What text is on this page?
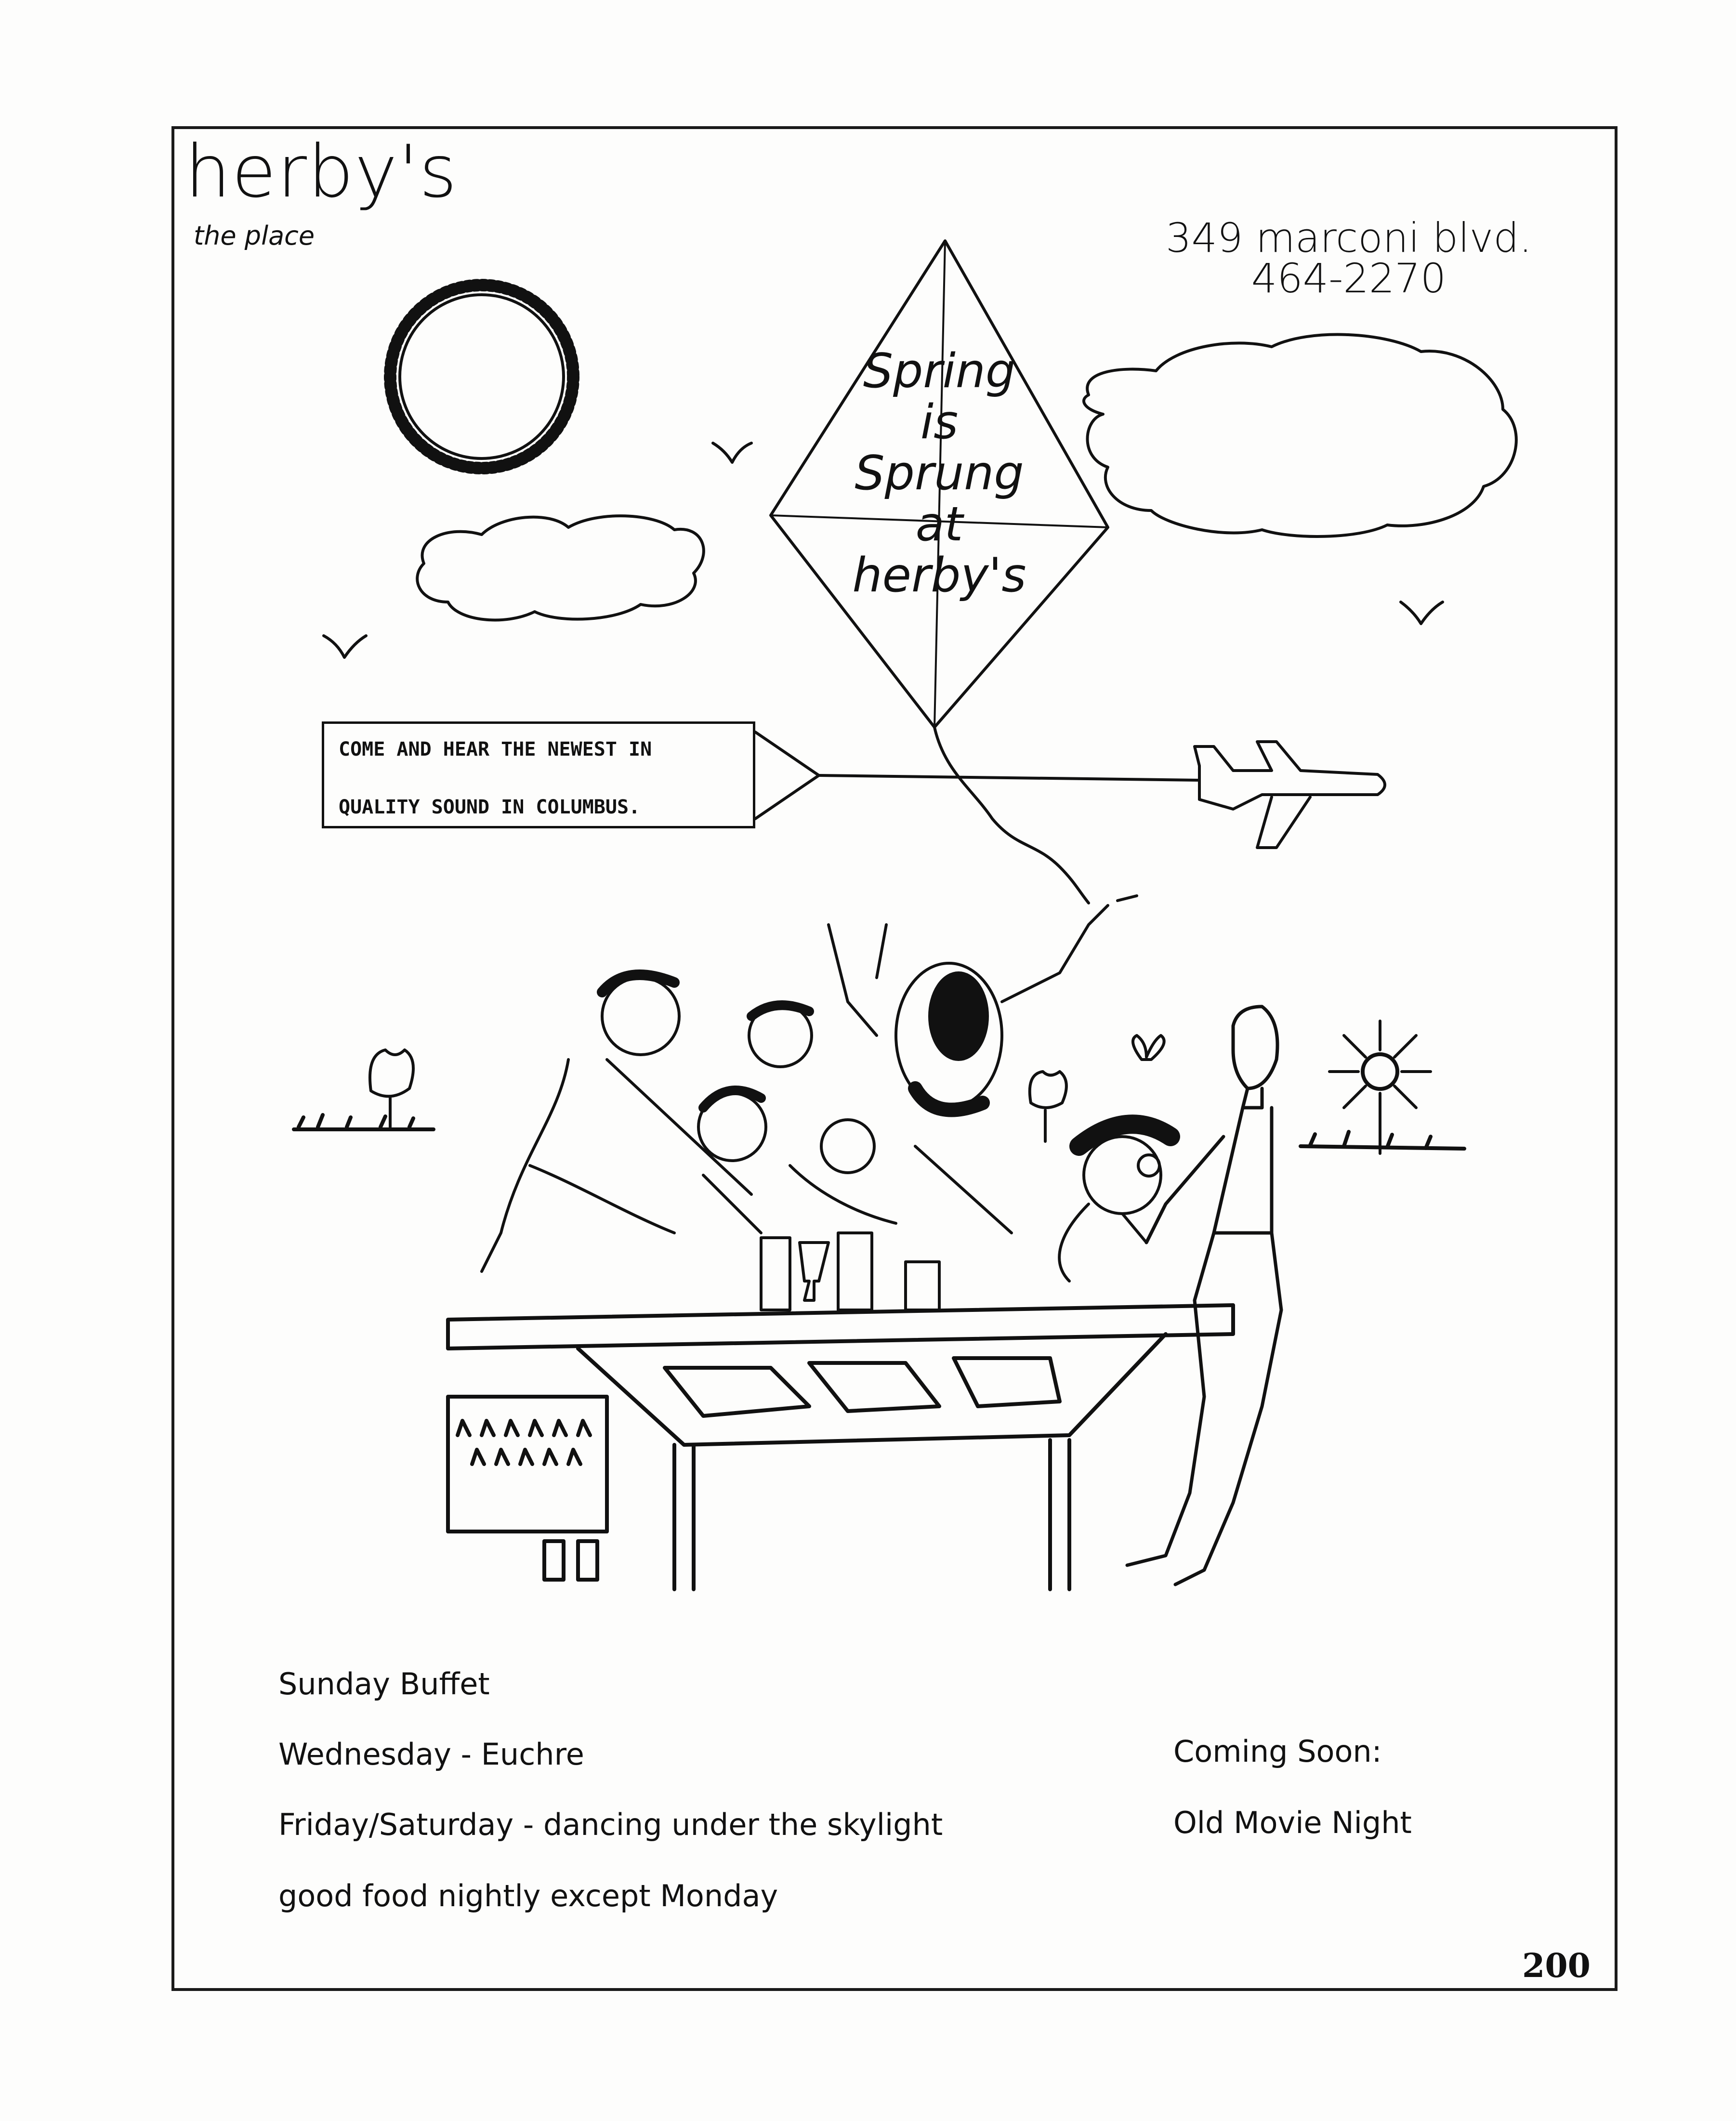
herby's
the place	349 marconi blvd.
464-2270
Spring
is
Sprung
at
herby's
COME AND HEAR THE NEWEST IN
QUALITY SOUND IN COLUMBUS.
Sunday Buffet
Wednesday - Euchre
Friday/Saturday - dancing under the skylight
good food nightly except Monday
Coming Soon:
Old Movie Night
200
